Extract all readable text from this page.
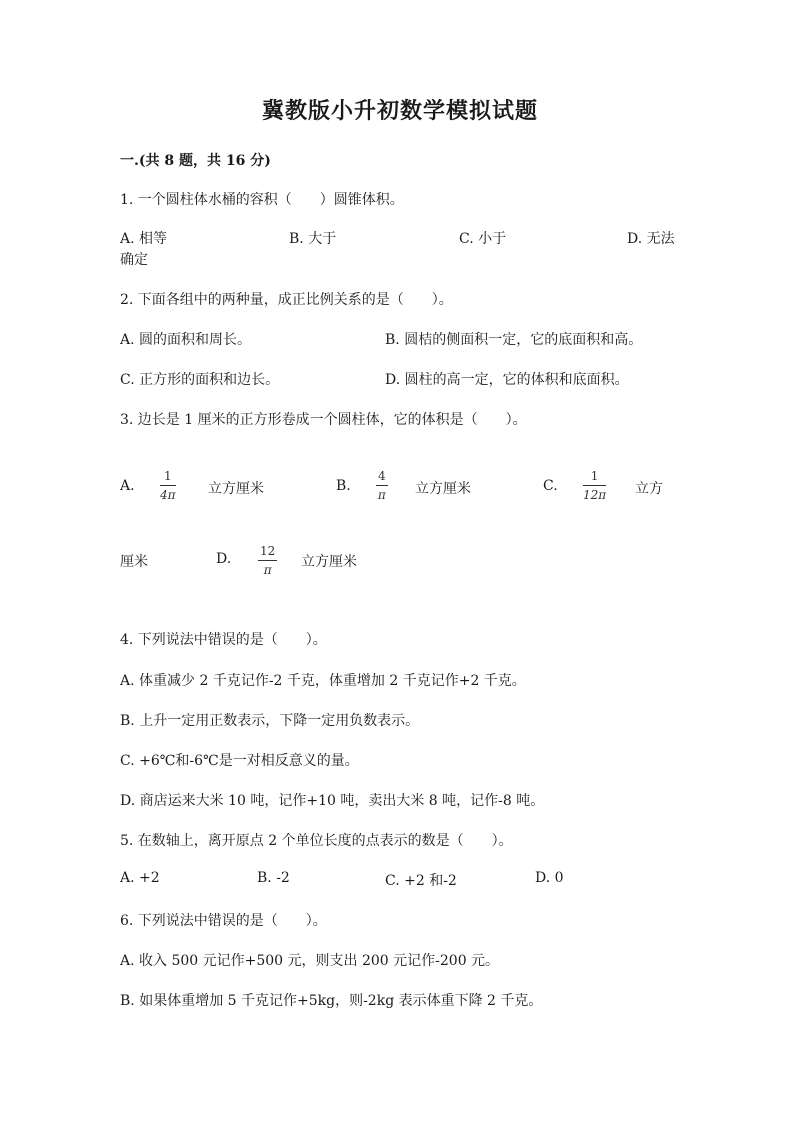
冀教版小升初数学模拟试题
一.(共 8 题，共 16 分)
1. 一个圆柱体水桶的容积（　　）圆锥体积。
A. 相等	B. 大于	C. 小于	D. 无法
确定
2. 下面各组中的两种量，成正比例关系的是（　　）。
A. 圆的面积和周长。	B. 圆桔的侧面积一定，它的底面积和高。
C. 正方形的面积和边长。	D. 圆柱的高一定，它的体积和底面积。
3. 边长是 1 厘米的正方形卷成一个圆柱体，它的体积是（　　）。
A. $\frac{1}{4\pi}$ 立方厘米	B. $\frac{4}{\pi}$ 立方厘米	C. $\frac{1}{12\pi}$ 立方
厘米	D. $\frac{12}{\pi}$ 立方厘米
4. 下列说法中错误的是（　　）。
A. 体重减少 2 千克记作-2 千克，体重增加 2 千克记作+2 千克。
B. 上升一定用正数表示，下降一定用负数表示。
C. +6℃和-6℃是一对相反意义的量。
D. 商店运来大米 10 吨，记作+10 吨，卖出大米 8 吨，记作-8 吨。
5. 在数轴上，离开原点 2 个单位长度的点表示的数是（　　）。
A. +2	B. -2	C. +2 和-2	D. 0
6. 下列说法中错误的是（　　）。
A. 收入 500 元记作+500 元，则支出 200 元记作-200 元。
B. 如果体重增加 5 千克记作+5kg，则-2kg 表示体重下降 2 千克。
